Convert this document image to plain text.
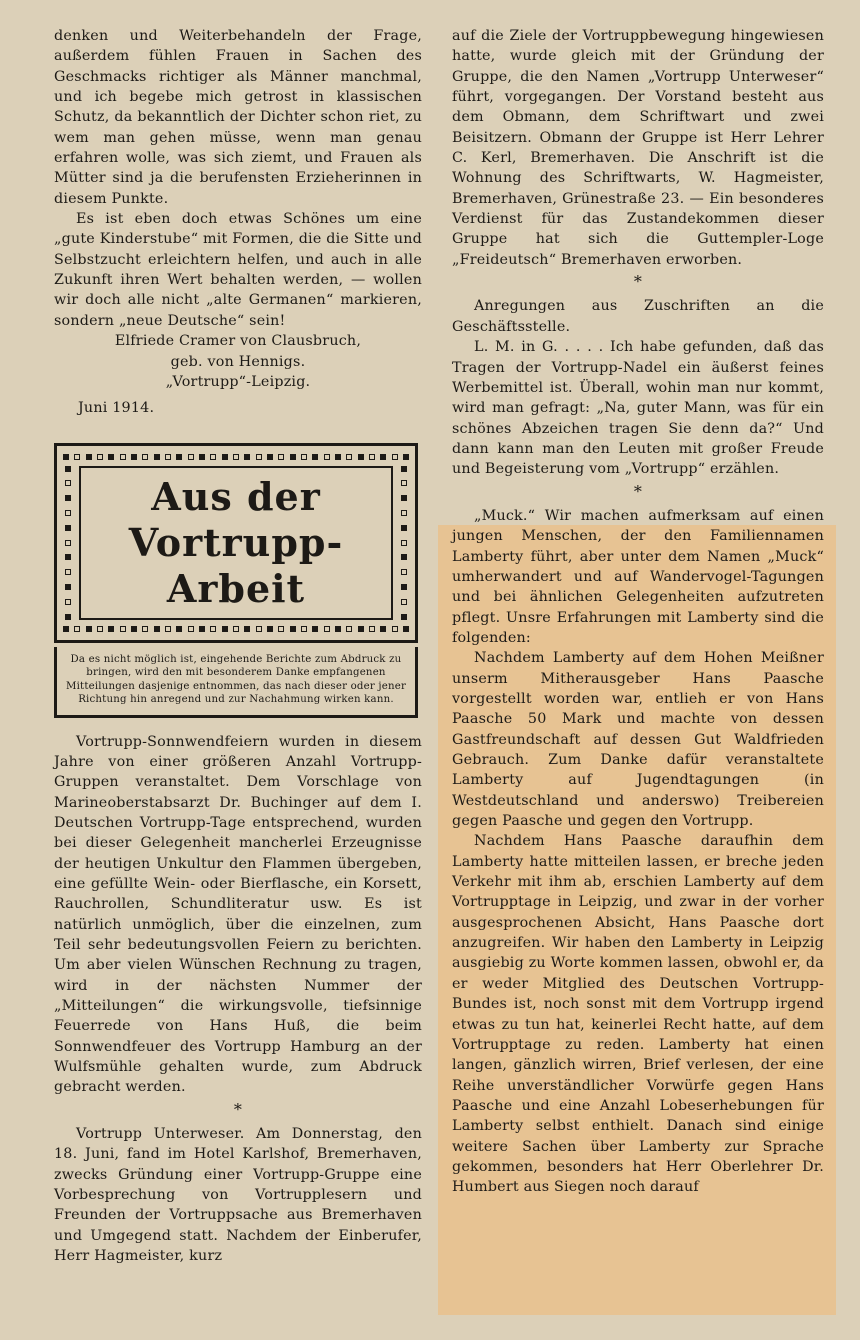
denken und Weiterbehandeln der Frage, außerdem fühlen Frauen in Sachen des Geschmacks richtiger als Männer manchmal, und ich begebe mich getrost in klassischen Schutz, da bekanntlich der Dichter schon riet, zu wem man gehen müsse, wenn man genau erfahren wolle, was sich ziemt, und Frauen als Mütter sind ja die berufensten Erzieherinnen in diesem Punkte.

Es ist eben doch etwas Schönes um eine „gute Kinderstube“ mit Formen, die die Sitte und Selbstzucht erleichtern helfen, und auch in alle Zukunft ihren Wert behalten werden, — wollen wir doch alle nicht „alte Germanen“ markieren, sondern „neue Deutsche“ sein!

Elfriede Cramer von Clausbruch,
geb. von Hennigs.
„Vortrupp“-Leipzig.
Juni 1914.
Aus der
Vortrupp-Arbeit
Da es nicht möglich ist, eingehende Berichte zum Abdruck zu bringen, wird den mit besonderem Danke empfangenen Mitteilungen dasjenige entnommen, das nach dieser oder jener Richtung hin anregend und zur Nachahmung wirken kann.

Vortrupp-Sonnwendfeiern wurden in diesem Jahre von einer größeren Anzahl Vortrupp-Gruppen veranstaltet. Dem Vorschlage von Marineoberstabsarzt Dr. Buchinger auf dem I. Deutschen Vortrupp-Tage entsprechend, wurden bei dieser Gelegenheit mancherlei Erzeugnisse der heutigen Unkultur den Flammen übergeben, eine gefüllte Wein- oder Bierflasche, ein Korsett, Rauchrollen, Schundliteratur usw. Es ist natürlich unmöglich, über die einzelnen, zum Teil sehr bedeutungsvollen Feiern zu berichten. Um aber vielen Wünschen Rechnung zu tragen, wird in der nächsten Nummer der „Mitteilungen“ die wirkungsvolle, tiefsinnige Feuerrede von Hans Huß, die beim Sonnwendfeuer des Vortrupp Hamburg an der Wulfsmühle gehalten wurde, zum Abdruck gebracht werden.

*

Vortrupp Unterweser. Am Donnerstag, den 18. Juni, fand im Hotel Karlshof, Bremerhaven, zwecks Gründung einer Vortrupp-Gruppe eine Vorbesprechung von Vortrupplesern und Freunden der Vortruppsache aus Bremerhaven und Umgegend statt. Nachdem der Einberufer, Herr Hagmeister, kurz

auf die Ziele der Vortruppbewegung hingewiesen hatte, wurde gleich mit der Gründung der Gruppe, die den Namen „Vortrupp Unterweser“ führt, vorgegangen. Der Vorstand besteht aus dem Obmann, dem Schriftwart und zwei Beisitzern. Obmann der Gruppe ist Herr Lehrer C. Kerl, Bremerhaven. Die Anschrift ist die Wohnung des Schriftwarts, W. Hagmeister, Bremerhaven, Grünestraße 23. — Ein besonderes Verdienst für das Zustandekommen dieser Gruppe hat sich die Guttempler-Loge „Freideutsch“ Bremerhaven erworben.

*

Anregungen aus Zuschriften an die Geschäftsstelle.

L. M. in G. . . . . Ich habe gefunden, daß das Tragen der Vortrupp-Nadel ein äußerst feines Werbemittel ist. Überall, wohin man nur kommt, wird man gefragt: „Na, guter Mann, was für ein schönes Abzeichen tragen Sie denn da?“ Und dann kann man den Leuten mit großer Freude und Begeisterung vom „Vortrupp“ erzählen.

*

„Muck.“ Wir machen aufmerksam auf einen jungen Menschen, der den Familiennamen Lamberty führt, aber unter dem Namen „Muck“ umherwandert und auf Wandervogel-Tagungen und bei ähnlichen Gelegenheiten aufzutreten pflegt. Unsre Erfahrungen mit Lamberty sind die folgenden:

Nachdem Lamberty auf dem Hohen Meißner unserm Mitherausgeber Hans Paasche vorgestellt worden war, entlieh er von Hans Paasche 50 Mark und machte von dessen Gastfreundschaft auf dessen Gut Waldfrieden Gebrauch. Zum Danke dafür veranstaltete Lamberty auf Jugendtagungen (in Westdeutschland und anderswo) Treibereien gegen Paasche und gegen den Vortrupp.

Nachdem Hans Paasche daraufhin dem Lamberty hatte mitteilen lassen, er breche jeden Verkehr mit ihm ab, erschien Lamberty auf dem Vortrupptage in Leipzig, und zwar in der vorher ausgesprochenen Absicht, Hans Paasche dort anzugreifen. Wir haben den Lamberty in Leipzig ausgiebig zu Worte kommen lassen, obwohl er, da er weder Mitglied des Deutschen Vortrupp-Bundes ist, noch sonst mit dem Vortrupp irgend etwas zu tun hat, keinerlei Recht hatte, auf dem Vortrupptage zu reden. Lamberty hat einen langen, gänzlich wirren, Brief verlesen, der eine Reihe unverständlicher Vorwürfe gegen Hans Paasche und eine Anzahl Lobeserhebungen für Lamberty selbst enthielt. Danach sind einige weitere Sachen über Lamberty zur Sprache gekommen, besonders hat Herr Oberlehrer Dr. Humbert aus Siegen noch darauf
